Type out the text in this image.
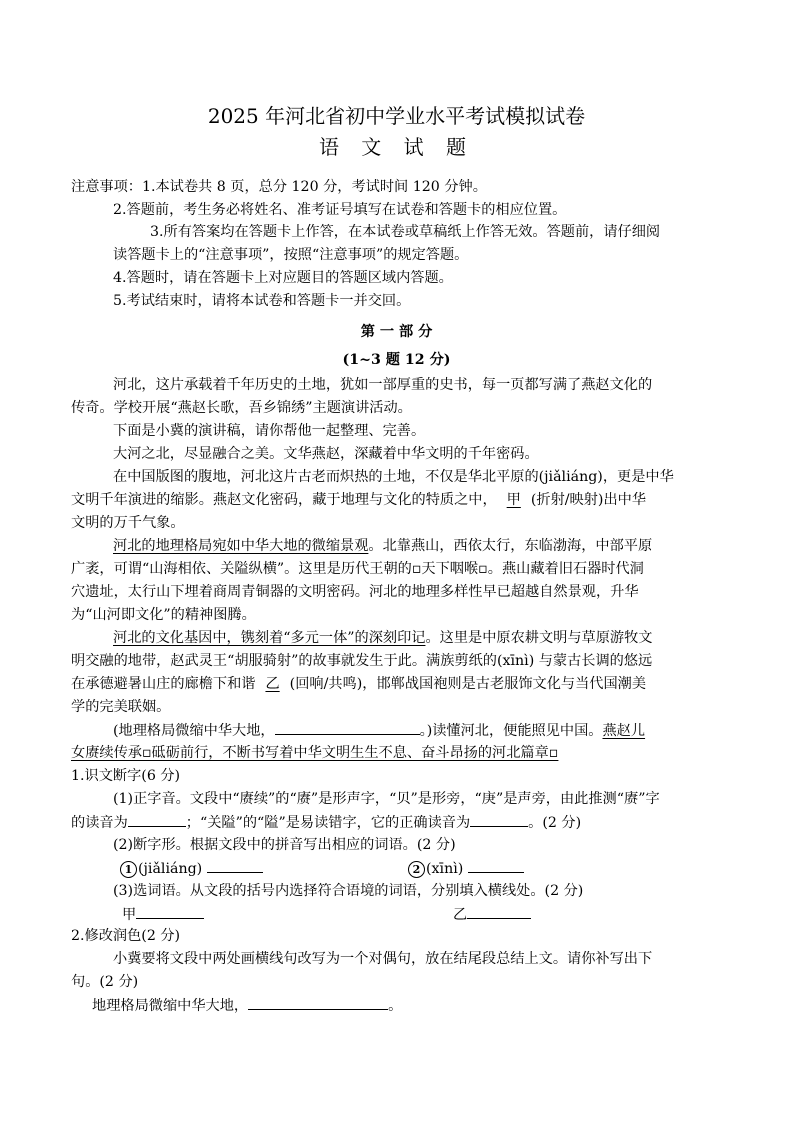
2025 年河北省初中学业水平考试模拟试卷
语 文 试 题
注意事项：1.本试卷共 8 页，总分 120 分，考试时间 120 分钟。
2.答题前，考生务必将姓名、准考证号填写在试卷和答题卡的相应位置。
3.所有答案均在答题卡上作答，在本试卷或草稿纸上作答无效。答题前，请仔细阅
读答题卡上的“注意事项”，按照“注意事项”的规定答题。
4.答题时，请在答题卡上对应题目的答题区域内答题。
5.考试结束时，请将本试卷和答题卡一并交回。
第 一 部 分
(1~3 题 12 分)
河北，这片承载着千年历史的土地，犹如一部厚重的史书，每一页都写满了燕赵文化的
传奇。学校开展“燕赵长歌，吾乡锦绣”主题演讲活动。
下面是小冀的演讲稿，请你帮他一起整理、完善。
大河之北，尽显融合之美。文华燕赵，深藏着中华文明的千年密码。
在中国版图的腹地，河北这片古老而炽热的土地，不仅是华北平原的(jiǎliáng)，更是中华
文明千年演进的缩影。燕赵文化密码，藏于地理与文化的特质之中， 甲 (折射/映射)出中华
文明的万千气象。
河北的地理格局宛如中华大地的微缩景观。北靠燕山，西依太行，东临渤海，中部平原
广袤，可谓“山海相依、关隘纵横”。这里是历代王朝的▫天下咽喉▫。燕山藏着旧石器时代洞
穴遗址，太行山下埋着商周青铜器的文明密码。河北的地理多样性早已超越自然景观，升华
为“山河即文化”的精神图腾。
河北的文化基因中，镌刻着“多元一体”的深刻印记。这里是中原农耕文明与草原游牧文
明交融的地带，赵武灵王“胡服骑射”的故事就发生于此。满族剪纸的(xīnì) 与蒙古长调的悠远
在承德避暑山庄的廊檐下和谐 乙 (回响/共鸣)，邯郸战国袍则是古老服饰文化与当代国潮美
学的完美联姻。
(地理格局微缩中华大地，	。)读懂河北，便能照见中国。燕赵儿
女赓续传承▫砥砺前行，不断书写着中华文明生生不息、奋斗昂扬的河北篇章▫
1.识文断字(6 分)
(1)正字音。文段中“赓续”的“赓”是形声字，“贝”是形旁，“庚”是声旁，由此推测“赓”字
的读音为	；“关隘”的“隘”是易读错字，它的正确读音为	。(2 分)
(2)断字形。根据文段中的拼音写出相应的词语。(2 分)
1 (jiǎliáng)	2 (xīnì)
(3)选词语。从文段的括号内选择符合语境的词语，分别填入横线处。(2 分)
甲	乙
2.修改润色(2 分)
小冀要将文段中两处画横线句改写为一个对偶句，放在结尾段总结上文。请你补写出下
句。(2 分)
地理格局微缩中华大地，	。
